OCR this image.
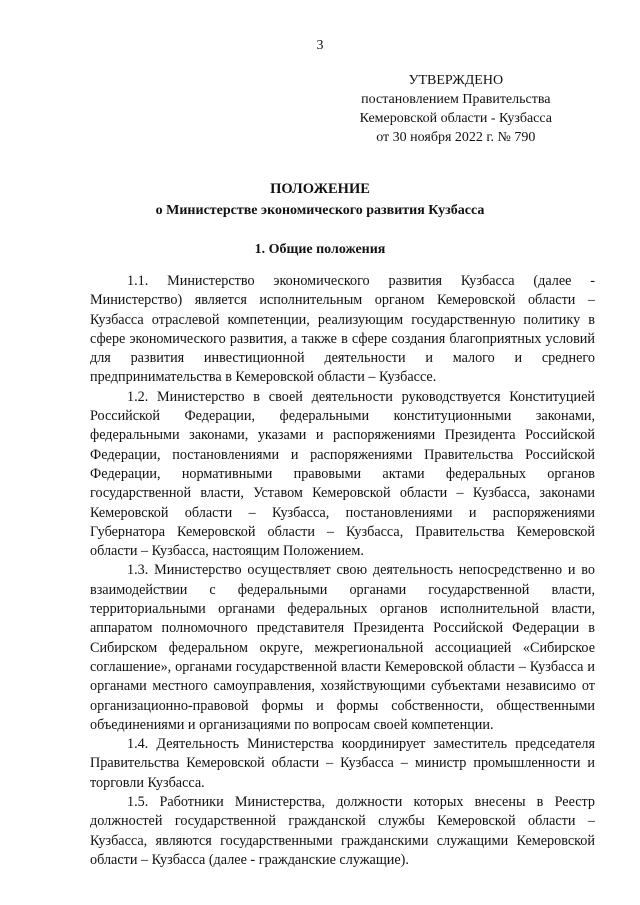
3
УТВЕРЖДЕНО
постановлением Правительства
Кемеровской области - Кузбасса
от 30 ноября 2022 г. № 790
ПОЛОЖЕНИЕ
о Министерстве экономического развития Кузбасса
1. Общие положения

1.1. Министерство экономического развития Кузбасса (далее - Министерство) является исполнительным органом Кемеровской области – Кузбасса отраслевой компетенции, реализующим государственную политику в сфере экономического развития, а также в сфере создания благоприятных условий для развития инвестиционной деятельности и малого и среднего предпринимательства в Кемеровской области – Кузбассе.

1.2. Министерство в своей деятельности руководствуется Конституцией Российской Федерации, федеральными конституционными законами, федеральными законами, указами и распоряжениями Президента Российской Федерации, постановлениями и распоряжениями Правительства Российской Федерации, нормативными правовыми актами федеральных органов государственной власти, Уставом Кемеровской области – Кузбасса, законами Кемеровской области – Кузбасса, постановлениями и распоряжениями Губернатора Кемеровской области – Кузбасса, Правительства Кемеровской области – Кузбасса, настоящим Положением.

1.3. Министерство осуществляет свою деятельность непосредственно и во взаимодействии с федеральными органами государственной власти, территориальными органами федеральных органов исполнительной власти, аппаратом полномочного представителя Президента Российской Федерации в Сибирском федеральном округе, межрегиональной ассоциацией «Сибирское соглашение», органами государственной власти Кемеровской области – Кузбасса и органами местного самоуправления, хозяйствующими субъектами независимо от организационно-правовой формы и формы собственности, общественными объединениями и организациями по вопросам своей компетенции.

1.4. Деятельность Министерства координирует заместитель председателя Правительства Кемеровской области – Кузбасса – министр промышленности и торговли Кузбасса.

1.5. Работники Министерства, должности которых внесены в Реестр должностей государственной гражданской службы Кемеровской области – Кузбасса, являются государственными гражданскими служащими Кемеровской области – Кузбасса (далее - гражданские служащие).
